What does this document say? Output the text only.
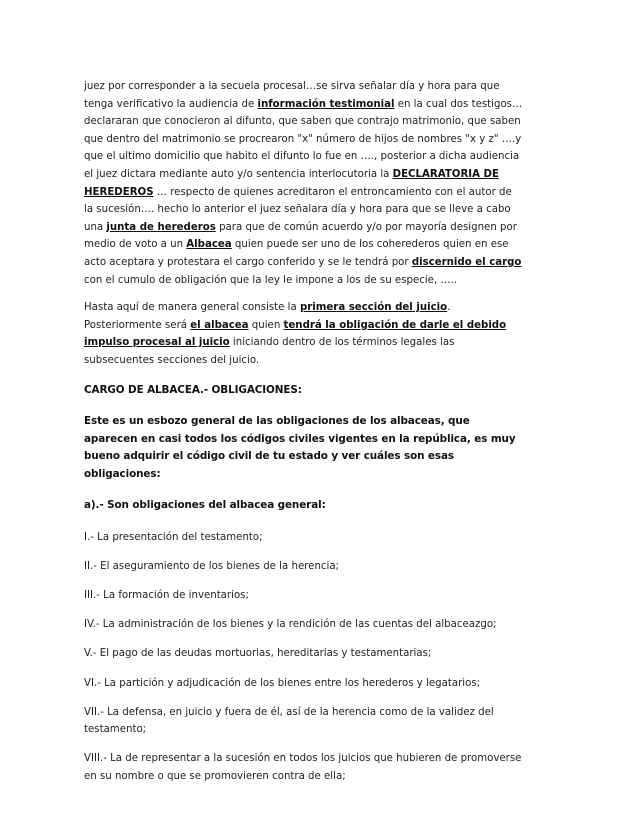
juez por corresponder a la secuela procesal…se sirva señalar día y hora para que tenga verificativo la audiencia de información testimonial en la cual dos testigos… declararan que conocieron al difunto, que saben que contrajo matrimonio, que saben que dentro del matrimonio se procrearon "x" número de hijos de nombres "x y z" ….y que el ultimo domicilio que habito el difunto lo fue en …., posterior a dicha audiencia el juez dictara mediante auto y/o sentencia interlocutoria la DECLARATORIA DE HEREDEROS … respecto de quienes acreditaron el entroncamiento con el autor de la sucesión…. hecho lo anterior el juez señalara día y hora para que se lleve a cabo una junta de herederos para que de común acuerdo y/o por mayoría designen por medio de voto a un Albacea quien puede ser uno de los coherederos quien en ese acto aceptara y protestara el cargo conferido y se le tendrá por discernido el cargo con el cumulo de obligación que la ley le impone a los de su especie, …..

Hasta aquí de manera general consiste la primera sección del juicio. Posteriormente será el albacea quien tendrá la obligación de darle el debido impulso procesal al juicio iniciando dentro de los términos legales las subsecuentes secciones del juicio.

CARGO DE ALBACEA.- OBLIGACIONES:

Este es un esbozo general de las obligaciones de los albaceas, que aparecen en casi todos los códigos civiles vigentes en la república, es muy bueno adquirir el código civil de tu estado y ver cuáles son esas obligaciones:

a).- Son obligaciones del albacea general:

I.- La presentación del testamento;

II.- El aseguramiento de los bienes de la herencia;

III.- La formación de inventarios;

IV.- La administración de los bienes y la rendición de las cuentas del albaceazgo;

V.- El pago de las deudas mortuorias, hereditarias y testamentarias;

VI.- La partición y adjudicación de los bienes entre los herederos y legatarios;

VII.- La defensa, en juicio y fuera de él, así de la herencia como de la validez del testamento;

VIII.- La de representar a la sucesión en todos los juicios que hubieren de promoverse en su nombre o que se promovieren contra de ella;
